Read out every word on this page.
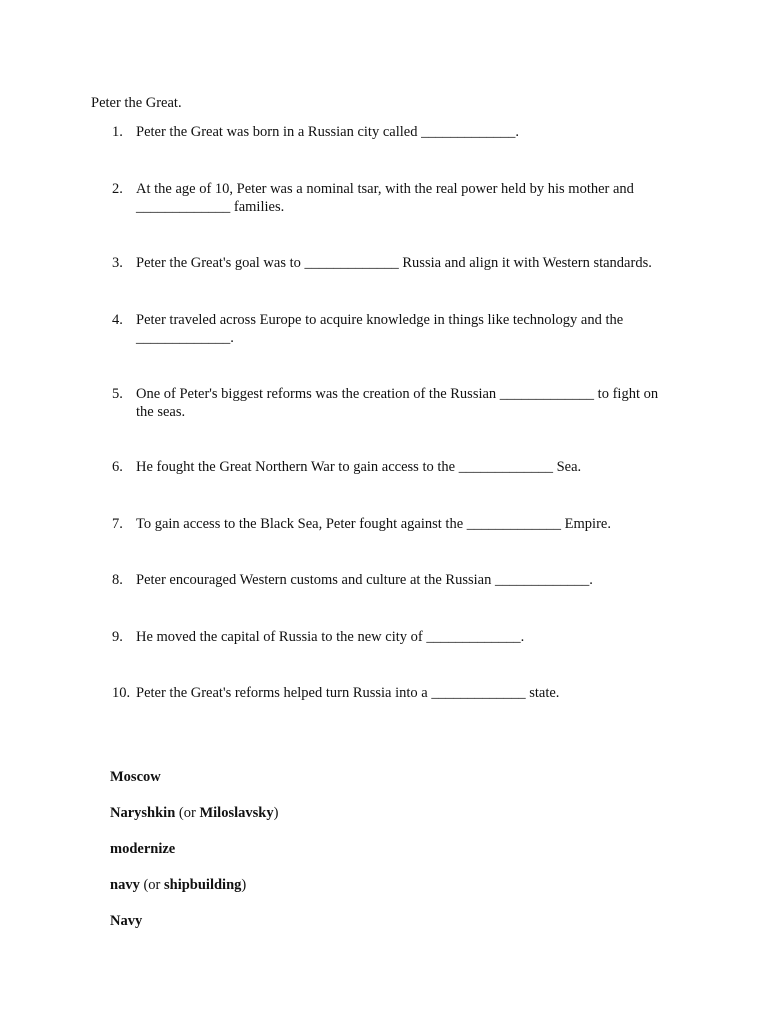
Peter the Great.
1. Peter the Great was born in a Russian city called _____________.
2. At the age of 10, Peter was a nominal tsar, with the real power held by his mother and _____________ families.
3. Peter the Great's goal was to _____________ Russia and align it with Western standards.
4. Peter traveled across Europe to acquire knowledge in things like technology and the _____________.
5. One of Peter's biggest reforms was the creation of the Russian _____________ to fight on the seas.
6. He fought the Great Northern War to gain access to the _____________ Sea.
7. To gain access to the Black Sea, Peter fought against the _____________ Empire.
8. Peter encouraged Western customs and culture at the Russian _____________.
9. He moved the capital of Russia to the new city of _____________.
10. Peter the Great's reforms helped turn Russia into a _____________ state.
Moscow
Naryshkin (or Miloslavsky)
modernize
navy (or shipbuilding)
Navy
